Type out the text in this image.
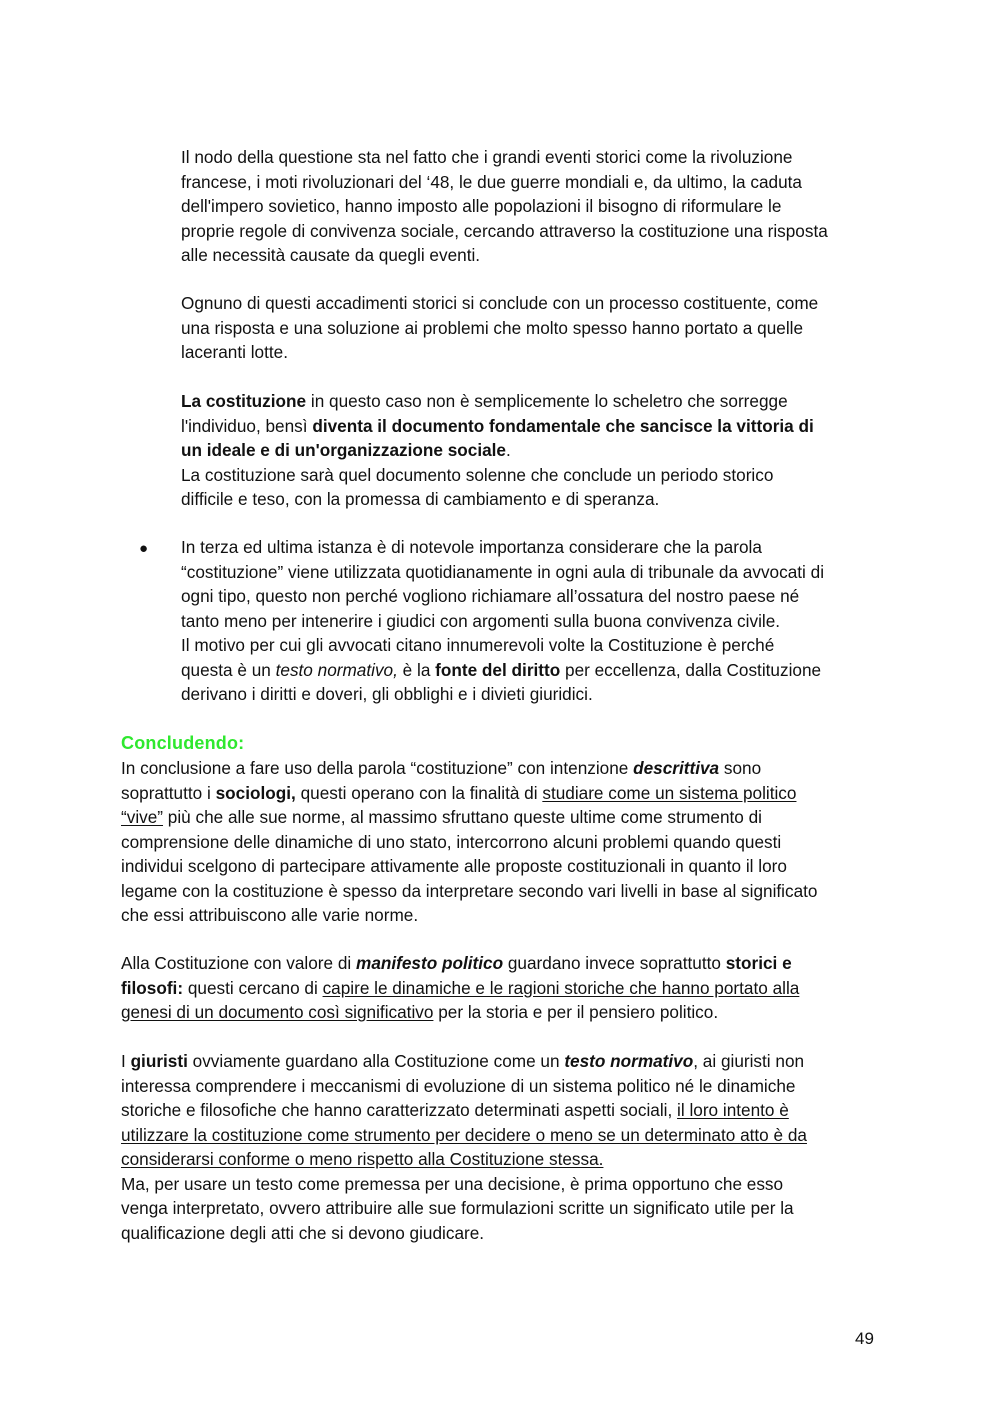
Il nodo della questione sta nel fatto che i grandi eventi storici come la rivoluzione
francese, i moti rivoluzionari del ‘48, le due guerre mondiali e, da ultimo, la caduta
dell'impero sovietico, hanno imposto alle popolazioni il bisogno di riformulare le
proprie regole di convivenza sociale, cercando attraverso la costituzione una risposta
alle necessità causate da quegli eventi.
Ognuno di questi accadimenti storici si conclude con un processo costituente, come
una risposta e una soluzione ai problemi che molto spesso hanno portato a quelle
laceranti lotte.
La costituzione in questo caso non è semplicemente lo scheletro che sorregge
l'individuo, bensì diventa il documento fondamentale che sancisce la vittoria di
un ideale e di un'organizzazione sociale.
La costituzione sarà quel documento solenne che conclude un periodo storico
difficile e teso, con la promessa di cambiamento e di speranza.
● In terza ed ultima istanza è di notevole importanza considerare che la parola
“costituzione” viene utilizzata quotidianamente in ogni aula di tribunale da avvocati di
ogni tipo, questo non perché vogliono richiamare all’ossatura del nostro paese né
tanto meno per intenerire i giudici con argomenti sulla buona convivenza civile.
Il motivo per cui gli avvocati citano innumerevoli volte la Costituzione è perché
questa è un testo normativo, è la fonte del diritto per eccellenza, dalla Costituzione
derivano i diritti e doveri, gli obblighi e i divieti giuridici.
Concludendo:
In conclusione a fare uso della parola “costituzione” con intenzione descrittiva sono
soprattutto i sociologi, questi operano con la finalità di studiare come un sistema politico
“vive” più che alle sue norme, al massimo sfruttano queste ultime come strumento di
comprensione delle dinamiche di uno stato, intercorrono alcuni problemi quando questi
individui scelgono di partecipare attivamente alle proposte costituzionali in quanto il loro
legame con la costituzione è spesso da interpretare secondo vari livelli in base al significato
che essi attribuiscono alle varie norme.
Alla Costituzione con valore di manifesto politico guardano invece soprattutto storici e
filosofi: questi cercano di capire le dinamiche e le ragioni storiche che hanno portato alla
genesi di un documento così significativo per la storia e per il pensiero politico.
I giuristi ovviamente guardano alla Costituzione come un testo normativo, ai giuristi non
interessa comprendere i meccanismi di evoluzione di un sistema politico né le dinamiche
storiche e filosofiche che hanno caratterizzato determinati aspetti sociali, il loro intento è
utilizzare la costituzione come strumento per decidere o meno se un determinato atto è da
considerarsi conforme o meno rispetto alla Costituzione stessa.
Ma, per usare un testo come premessa per una decisione, è prima opportuno che esso
venga interpretato, ovvero attribuire alle sue formulazioni scritte un significato utile per la
qualificazione degli atti che si devono giudicare.
49
